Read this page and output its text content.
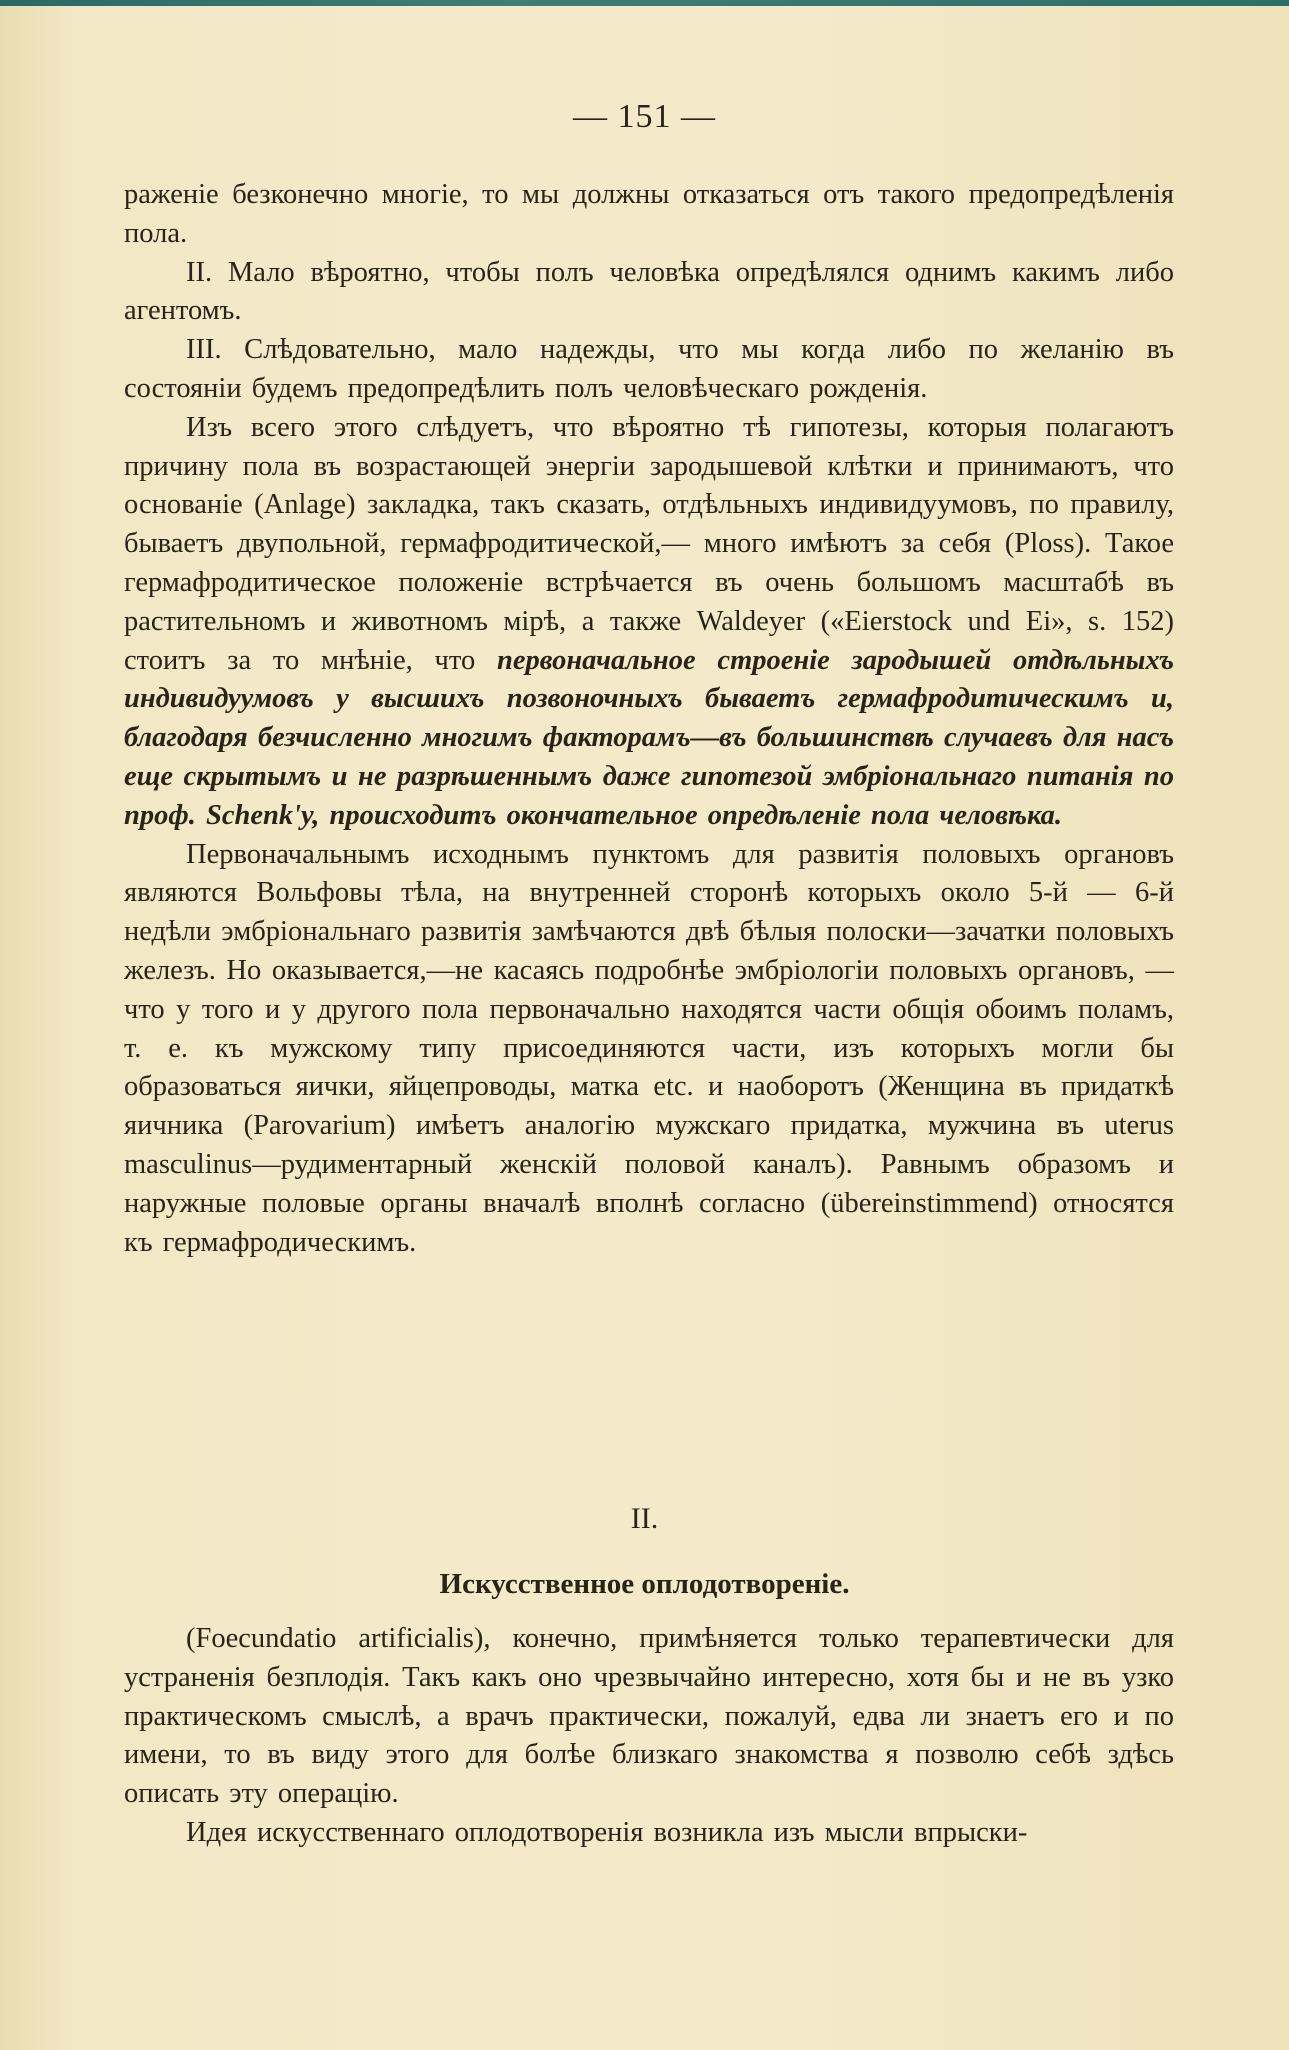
— 151 —

раженіе безконечно многіе, то мы должны отказаться отъ такого предопредѣленія пола.

II. Мало вѣроятно, чтобы полъ человѣка опредѣлялся однимъ какимъ либо агентомъ.

III. Слѣдовательно, мало надежды, что мы когда либо по желанію въ состояніи будемъ предопредѣлить полъ человѣческаго рожденія.

Изъ всего этого слѣдуетъ, что вѣроятно тѣ гипотезы, которыя полагаютъ причину пола въ возрастающей энергіи зародышевой клѣтки и принимаютъ, что основаніе (Anlage) закладка, такъ сказать, отдѣльныхъ индивидуумовъ, по правилу, бываетъ двупольной, гермафродитической,— много имѣютъ за себя (Ploss). Такое гермафродитическое положеніе встрѣчается въ очень большомъ масштабѣ въ растительномъ и животномъ мірѣ, а также Waldeyer («Eierstock und Ei», s. 152) стоитъ за то мнѣніе, что первоначальное строеніе зародышей отдѣльныхъ индивидуумовъ у высшихъ позвоночныхъ бываетъ гермафродитическимъ и, благодаря безчисленно многимъ факторамъ—въ большинствѣ случаевъ для насъ еще скрытымъ и не разрѣшеннымъ даже гипотезой эмбріональнаго питанія по проф. Schenk'у, происходитъ окончательное опредѣленіе пола человѣка.

Первоначальнымъ исходнымъ пунктомъ для развитія половыхъ органовъ являются Вольфовы тѣла, на внутренней сторонѣ которыхъ около 5-й — 6-й недѣли эмбріональнаго развитія замѣчаются двѣ бѣлыя полоски—зачатки половыхъ железъ. Но оказывается,—не касаясь подробнѣе эмбріологіи половыхъ органовъ, — что у того и у другого пола первоначально находятся части общія обоимъ поламъ, т. е. къ мужскому типу присоединяются части, изъ которыхъ могли бы образоваться яички, яйцепроводы, матка etc. и наоборотъ (Женщина въ придаткѣ яичника (Parovarium) имѣетъ аналогію мужскаго придатка, мужчина въ uterus masculinus—рудиментарный женскій половой каналъ). Равнымъ образомъ и наружные половые органы вначалѣ вполнѣ согласно (übereinstimmend) относятся къ гермафродическимъ.

II.
Искусственное оплодотвореніе.

(Foecundatio artificialis), конечно, примѣняется только терапевтически для устраненія безплодія. Такъ какъ оно чрезвычайно интересно, хотя бы и не въ узко практическомъ смыслѣ, а врачъ практически, пожалуй, едва ли знаетъ его и по имени, то въ виду этого для болѣе близкаго знакомства я позволю себѣ здѣсь описать эту операцію.

Идея искусственнаго оплодотворенія возникла изъ мысли впрыски-
